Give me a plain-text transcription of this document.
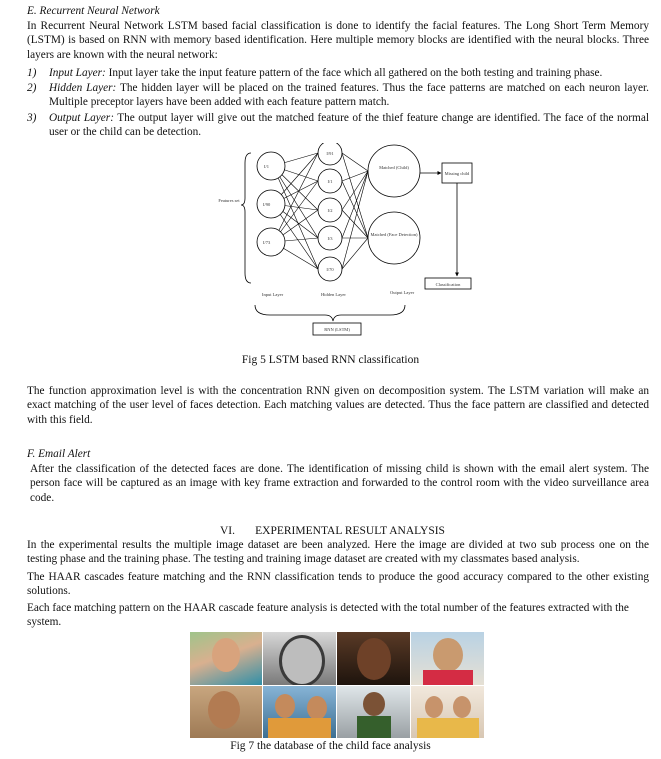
E. Recurrent Neural Network
In Recurrent Neural Network LSTM based facial classification is done to identify the facial features. The Long Short Term Memory (LSTM) is based on RNN with memory based identification. Here multiple memory blocks are identified with the neural blocks. Three layers are known with the neural network:
1) Input Layer: Input layer take the input feature pattern of the face which all gathered on the both testing and training phase.
2) Hidden Layer: The hidden layer will be placed on the trained features. Thus the face patterns are matched on each neuron layer. Multiple preceptor layers have been added with each feature pattern match.
3) Output Layer: The output layer will give out the matched feature of the thief feature change are identified. The face of the normal user or the child can be detection.
Features set
I/1
I/90
I/73
I/91
I/1
I/2
I/3
I/70
Matched (Child)
Matched (Face Detection)
Missing child
Classification
Input Layer	Hidden Layer	Output Layer
RNN (LSTM)
Fig 5 LSTM based RNN classification
The function approximation level is with the concentration RNN given on decomposition system. The LSTM variation will make an exact matching of the user level of faces detection. Each matching values are detected. Thus the face pattern are classified and detected with this field.
F. Email Alert
After the classification of the detected faces are done. The identification of missing child is shown with the email alert system. The person face will be captured as an image with key frame extraction and forwarded to the control room with the video surveillance area code.
VI.       EXPERIMENTAL RESULT ANALYSIS
In the experimental results the multiple image dataset are been analyzed. Here the image are divided at two sub process one on the testing phase and the training phase. The testing and training image dataset are created with my classmates based analysis.
The HAAR cascades feature matching and the RNN classification tends to produce the good accuracy compared to the other existing solutions.
Each face matching pattern on the HAAR cascade feature analysis is detected with the total number of the features extracted with the system.
Fig 7 the database of the child face analysis
